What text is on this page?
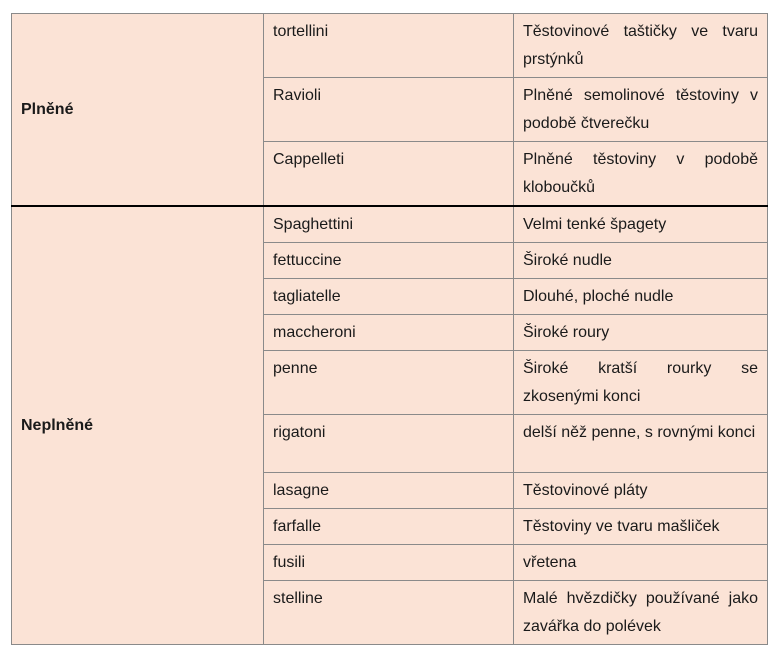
Plněné	tortellini	Těstovinové taštičky ve tvaru prstýnků
	Ravioli	Plněné semolinové těstoviny v podobě čtverečku
	Cappelleti	Plněné těstoviny v podobě kloboučků
Neplněné	Spaghettini	Velmi tenké špagety
	fettuccine	Široké nudle
	tagliatelle	Dlouhé, ploché nudle
	maccheroni	Široké roury
	penne	Široké kratší rourky se zkosenými konci
	rigatoni	delší něž penne, s rovnými konci
	lasagne	Těstovinové pláty
	farfalle	Těstoviny ve tvaru mašliček
	fusili	vřetena
	stelline	Malé hvězdičky používané jako zavářka do polévek
